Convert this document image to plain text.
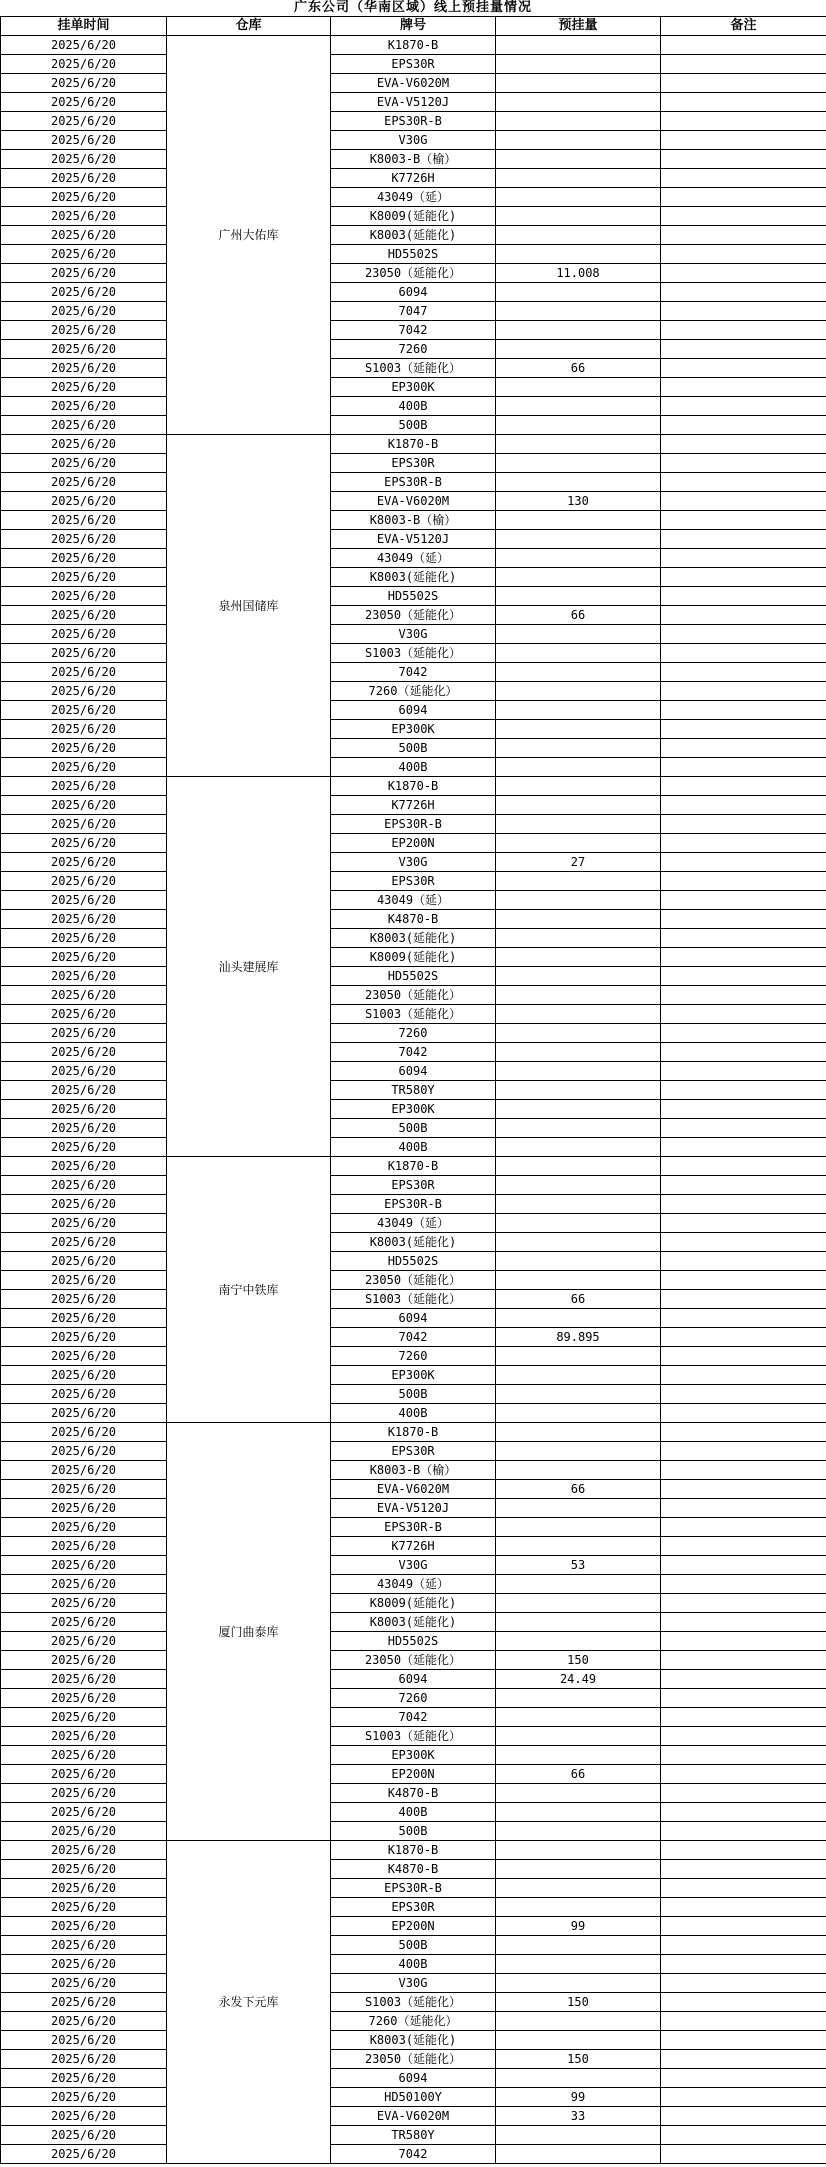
广东公司（华南区域）线上预挂量情况
挂单时间	仓库	牌号	预挂量	备注
2025/6/20	广州大佑库	K1870-B		
2025/6/20		EPS30R		
2025/6/20		EVA-V6020M		
2025/6/20		EVA-V5120J		
2025/6/20		EPS30R-B		
2025/6/20		V30G		
2025/6/20		K8003-B（榆）		
2025/6/20		K7726H		
2025/6/20		43049（延）		
2025/6/20		K8009(延能化)		
2025/6/20		K8003(延能化)		
2025/6/20		HD5502S		
2025/6/20		23050（延能化）	11.008	
2025/6/20		6094		
2025/6/20		7047		
2025/6/20		7042		
2025/6/20		7260		
2025/6/20		S1003（延能化）	66	
2025/6/20		EP300K		
2025/6/20		400B		
2025/6/20		500B		
2025/6/20	泉州国储库	K1870-B		
2025/6/20		EPS30R		
2025/6/20		EPS30R-B		
2025/6/20		EVA-V6020M	130	
2025/6/20		K8003-B（榆）		
2025/6/20		EVA-V5120J		
2025/6/20		43049（延）		
2025/6/20		K8003(延能化)		
2025/6/20		HD5502S		
2025/6/20		23050（延能化）	66	
2025/6/20		V30G		
2025/6/20		S1003（延能化）		
2025/6/20		7042		
2025/6/20		7260（延能化）		
2025/6/20		6094		
2025/6/20		EP300K		
2025/6/20		500B		
2025/6/20		400B		
2025/6/20	汕头建展库	K1870-B		
2025/6/20		K7726H		
2025/6/20		EPS30R-B		
2025/6/20		EP200N		
2025/6/20		V30G	27	
2025/6/20		EPS30R		
2025/6/20		43049（延）		
2025/6/20		K4870-B		
2025/6/20		K8003(延能化)		
2025/6/20		K8009(延能化)		
2025/6/20		HD5502S		
2025/6/20		23050（延能化）		
2025/6/20		S1003（延能化）		
2025/6/20		7260		
2025/6/20		7042		
2025/6/20		6094		
2025/6/20		TR580Y		
2025/6/20		EP300K		
2025/6/20		500B		
2025/6/20		400B		
2025/6/20	南宁中铁库	K1870-B		
2025/6/20		EPS30R		
2025/6/20		EPS30R-B		
2025/6/20		43049（延）		
2025/6/20		K8003(延能化)		
2025/6/20		HD5502S		
2025/6/20		23050（延能化）		
2025/6/20		S1003（延能化）	66	
2025/6/20		6094		
2025/6/20		7042	89.895	
2025/6/20		7260		
2025/6/20		EP300K		
2025/6/20		500B		
2025/6/20		400B		
2025/6/20	厦门曲泰库	K1870-B		
2025/6/20		EPS30R		
2025/6/20		K8003-B（榆）		
2025/6/20		EVA-V6020M	66	
2025/6/20		EVA-V5120J		
2025/6/20		EPS30R-B		
2025/6/20		K7726H		
2025/6/20		V30G	53	
2025/6/20		43049（延）		
2025/6/20		K8009(延能化)		
2025/6/20		K8003(延能化)		
2025/6/20		HD5502S		
2025/6/20		23050（延能化）	150	
2025/6/20		6094	24.49	
2025/6/20		7260		
2025/6/20		7042		
2025/6/20		S1003（延能化）		
2025/6/20		EP300K		
2025/6/20		EP200N	66	
2025/6/20		K4870-B		
2025/6/20		400B		
2025/6/20		500B		
2025/6/20	永发下元库	K1870-B		
2025/6/20		K4870-B		
2025/6/20		EPS30R-B		
2025/6/20		EPS30R		
2025/6/20		EP200N	99	
2025/6/20		500B		
2025/6/20		400B		
2025/6/20		V30G		
2025/6/20		S1003（延能化）	150	
2025/6/20		7260（延能化）		
2025/6/20		K8003(延能化)		
2025/6/20		23050（延能化）	150	
2025/6/20		6094		
2025/6/20		HD50100Y	99	
2025/6/20		EVA-V6020M	33	
2025/6/20		TR580Y		
2025/6/20		7042		
